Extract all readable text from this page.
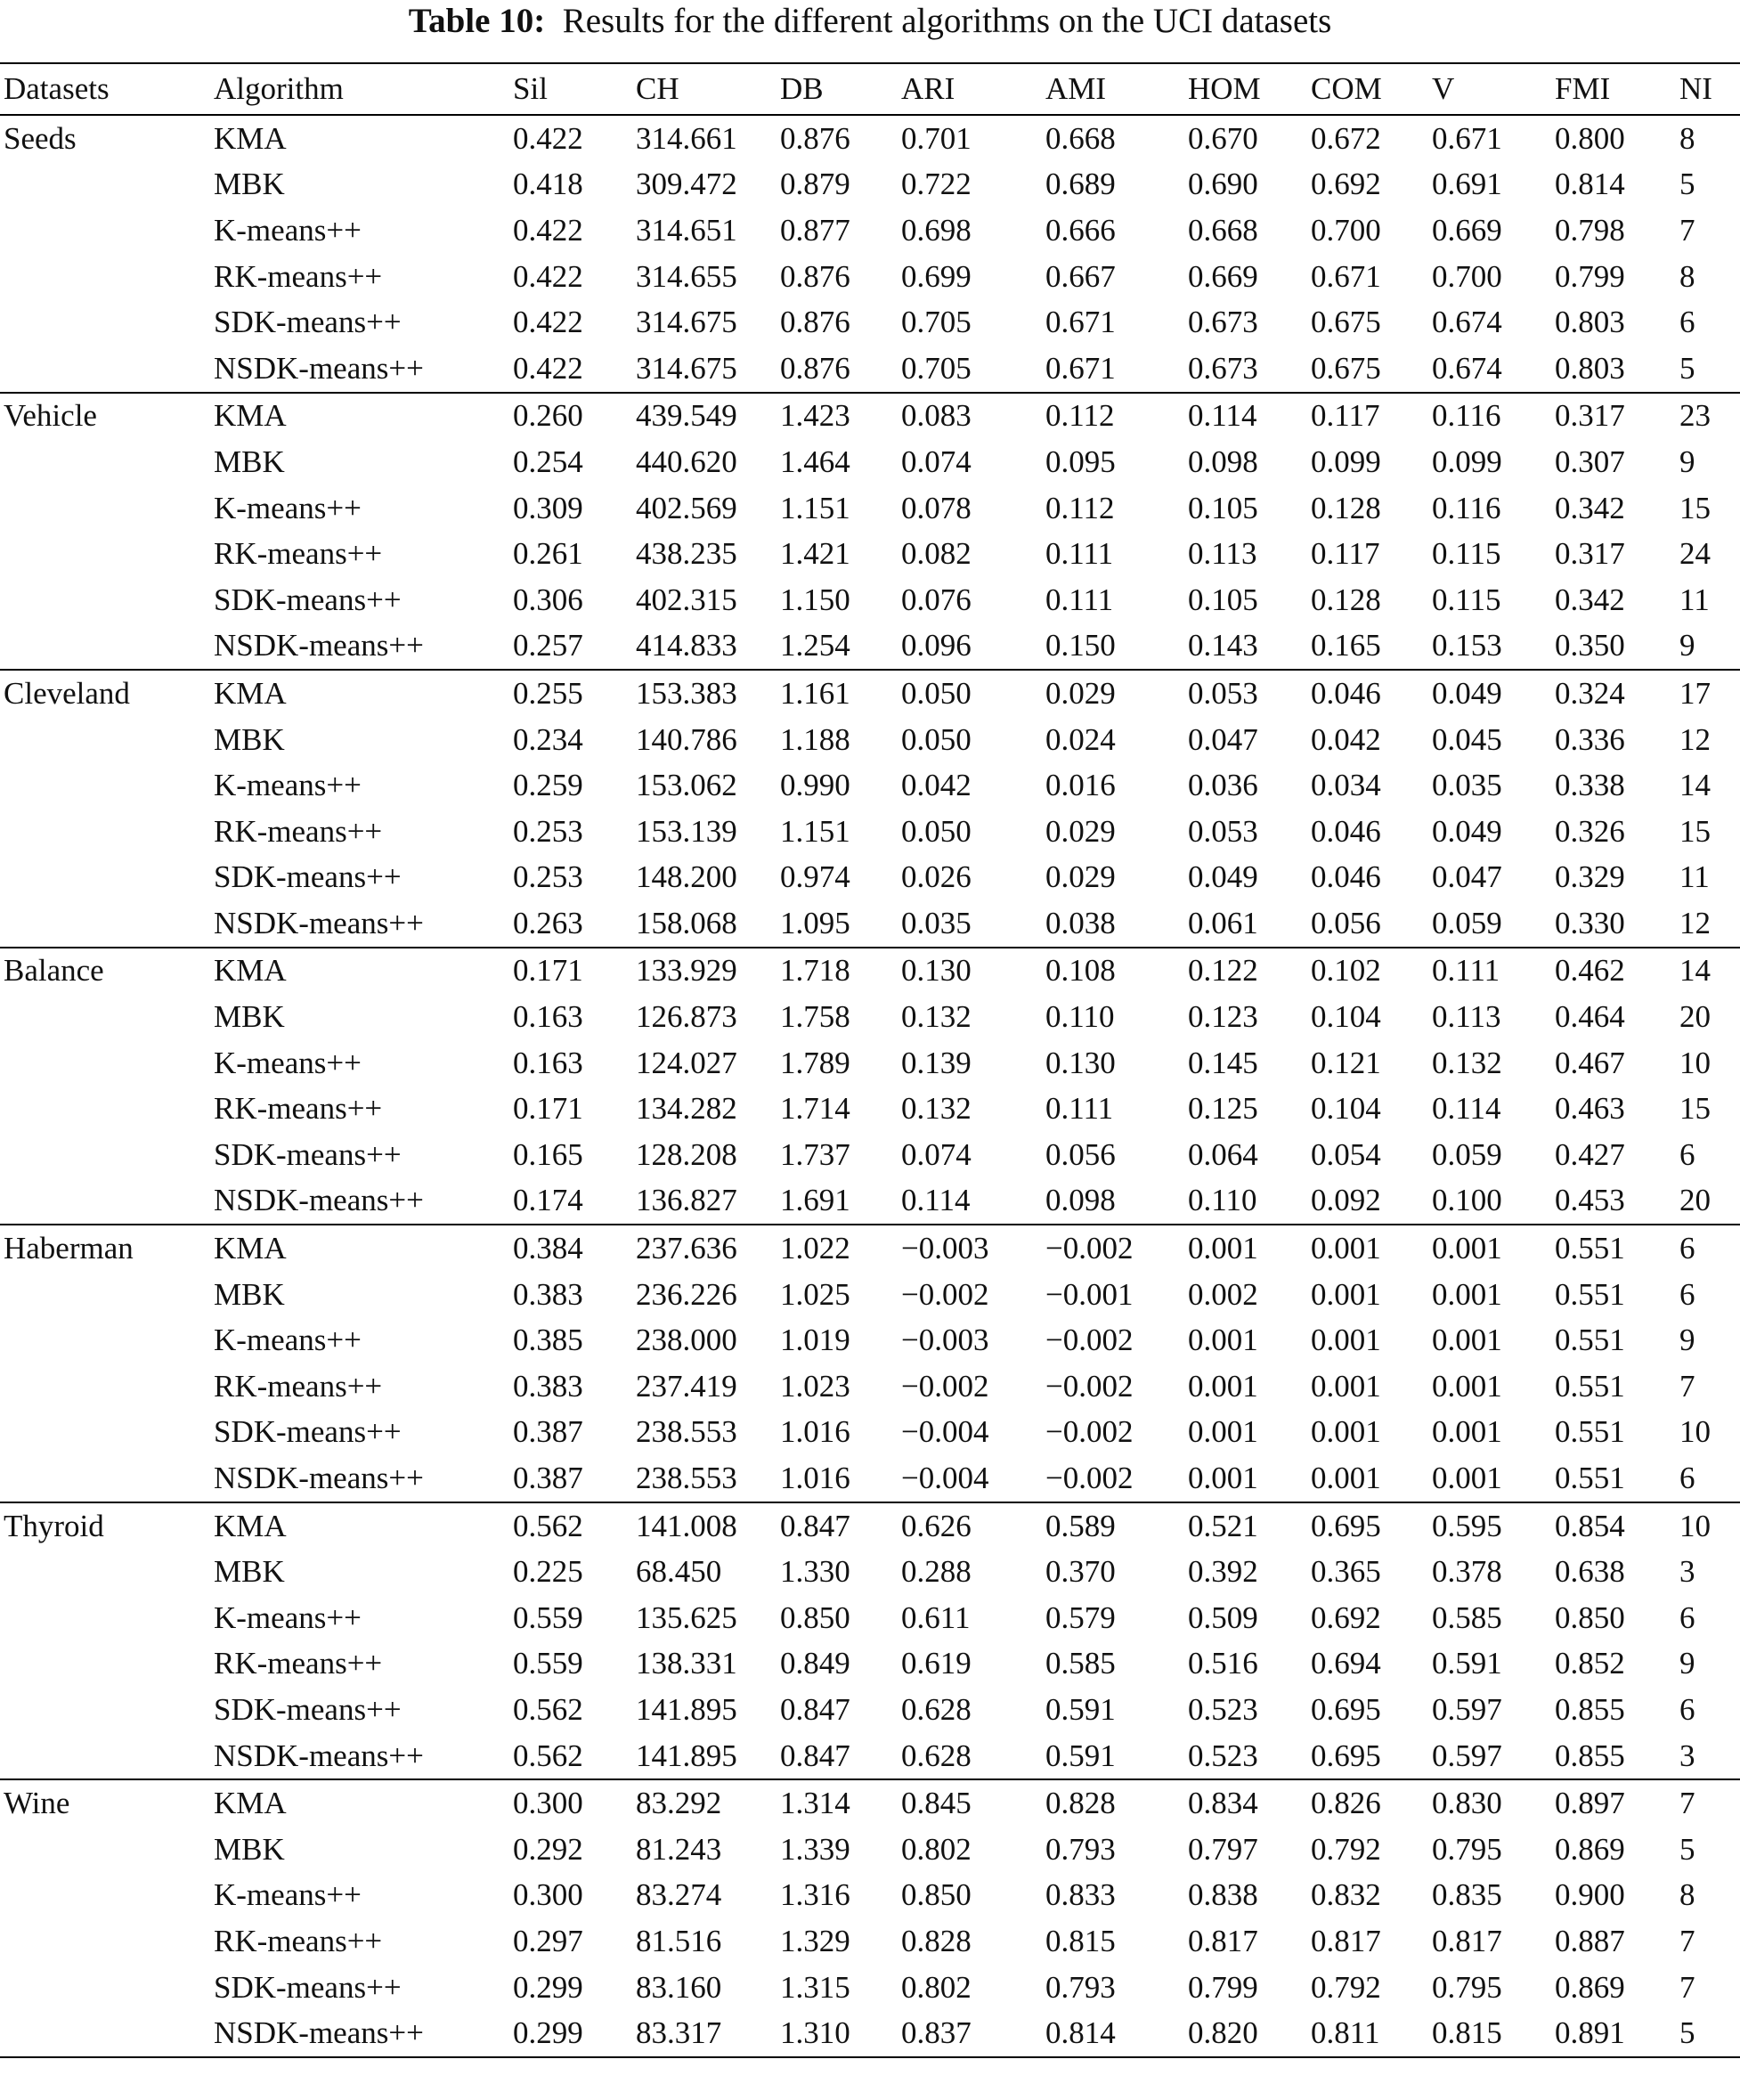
Table 10: Results for the different algorithms on the UCI datasets
Datasets	Algorithm	Sil	CH	DB	ARI	AMI	HOM	COM	V	FMI	NI
Seeds	KMA	0.422	314.661	0.876	0.701	0.668	0.670	0.672	0.671	0.800	8
	MBK	0.418	309.472	0.879	0.722	0.689	0.690	0.692	0.691	0.814	5
	K-means++	0.422	314.651	0.877	0.698	0.666	0.668	0.700	0.669	0.798	7
	RK-means++	0.422	314.655	0.876	0.699	0.667	0.669	0.671	0.700	0.799	8
	SDK-means++	0.422	314.675	0.876	0.705	0.671	0.673	0.675	0.674	0.803	6
	NSDK-means++	0.422	314.675	0.876	0.705	0.671	0.673	0.675	0.674	0.803	5
Vehicle	KMA	0.260	439.549	1.423	0.083	0.112	0.114	0.117	0.116	0.317	23
	MBK	0.254	440.620	1.464	0.074	0.095	0.098	0.099	0.099	0.307	9
	K-means++	0.309	402.569	1.151	0.078	0.112	0.105	0.128	0.116	0.342	15
	RK-means++	0.261	438.235	1.421	0.082	0.111	0.113	0.117	0.115	0.317	24
	SDK-means++	0.306	402.315	1.150	0.076	0.111	0.105	0.128	0.115	0.342	11
	NSDK-means++	0.257	414.833	1.254	0.096	0.150	0.143	0.165	0.153	0.350	9
Cleveland	KMA	0.255	153.383	1.161	0.050	0.029	0.053	0.046	0.049	0.324	17
	MBK	0.234	140.786	1.188	0.050	0.024	0.047	0.042	0.045	0.336	12
	K-means++	0.259	153.062	0.990	0.042	0.016	0.036	0.034	0.035	0.338	14
	RK-means++	0.253	153.139	1.151	0.050	0.029	0.053	0.046	0.049	0.326	15
	SDK-means++	0.253	148.200	0.974	0.026	0.029	0.049	0.046	0.047	0.329	11
	NSDK-means++	0.263	158.068	1.095	0.035	0.038	0.061	0.056	0.059	0.330	12
Balance	KMA	0.171	133.929	1.718	0.130	0.108	0.122	0.102	0.111	0.462	14
	MBK	0.163	126.873	1.758	0.132	0.110	0.123	0.104	0.113	0.464	20
	K-means++	0.163	124.027	1.789	0.139	0.130	0.145	0.121	0.132	0.467	10
	RK-means++	0.171	134.282	1.714	0.132	0.111	0.125	0.104	0.114	0.463	15
	SDK-means++	0.165	128.208	1.737	0.074	0.056	0.064	0.054	0.059	0.427	6
	NSDK-means++	0.174	136.827	1.691	0.114	0.098	0.110	0.092	0.100	0.453	20
Haberman	KMA	0.384	237.636	1.022	−0.003	−0.002	0.001	0.001	0.001	0.551	6
	MBK	0.383	236.226	1.025	−0.002	−0.001	0.002	0.001	0.001	0.551	6
	K-means++	0.385	238.000	1.019	−0.003	−0.002	0.001	0.001	0.001	0.551	9
	RK-means++	0.383	237.419	1.023	−0.002	−0.002	0.001	0.001	0.001	0.551	7
	SDK-means++	0.387	238.553	1.016	−0.004	−0.002	0.001	0.001	0.001	0.551	10
	NSDK-means++	0.387	238.553	1.016	−0.004	−0.002	0.001	0.001	0.001	0.551	6
Thyroid	KMA	0.562	141.008	0.847	0.626	0.589	0.521	0.695	0.595	0.854	10
	MBK	0.225	68.450	1.330	0.288	0.370	0.392	0.365	0.378	0.638	3
	K-means++	0.559	135.625	0.850	0.611	0.579	0.509	0.692	0.585	0.850	6
	RK-means++	0.559	138.331	0.849	0.619	0.585	0.516	0.694	0.591	0.852	9
	SDK-means++	0.562	141.895	0.847	0.628	0.591	0.523	0.695	0.597	0.855	6
	NSDK-means++	0.562	141.895	0.847	0.628	0.591	0.523	0.695	0.597	0.855	3
Wine	KMA	0.300	83.292	1.314	0.845	0.828	0.834	0.826	0.830	0.897	7
	MBK	0.292	81.243	1.339	0.802	0.793	0.797	0.792	0.795	0.869	5
	K-means++	0.300	83.274	1.316	0.850	0.833	0.838	0.832	0.835	0.900	8
	RK-means++	0.297	81.516	1.329	0.828	0.815	0.817	0.817	0.817	0.887	7
	SDK-means++	0.299	83.160	1.315	0.802	0.793	0.799	0.792	0.795	0.869	7
	NSDK-means++	0.299	83.317	1.310	0.837	0.814	0.820	0.811	0.815	0.891	5
